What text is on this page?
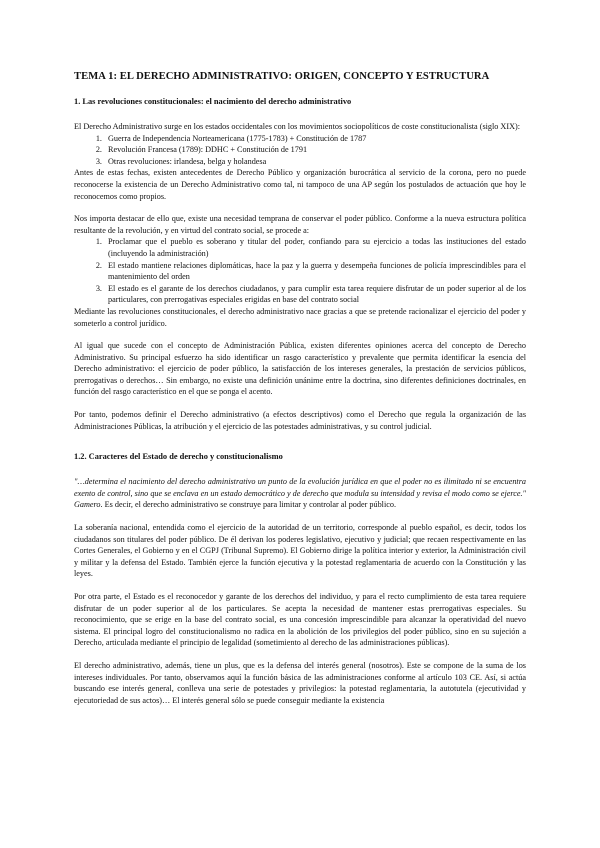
TEMA 1: EL DERECHO ADMINISTRATIVO: ORIGEN, CONCEPTO Y ESTRUCTURA
1. Las revoluciones constitucionales: el nacimiento del derecho administrativo

El Derecho Administrativo surge en los estados occidentales con los movimientos sociopolíticos de coste constitucionalista (siglo XIX):

1. Guerra de Independencia Norteamericana (1775-1783) + Constitución de 1787
2. Revolución Francesa (1789): DDHC + Constitución de 1791
3. Otras revoluciones: irlandesa, belga y holandesa

Antes de estas fechas, existen antecedentes de Derecho Público y organización burocrática al servicio de la corona, pero no puede reconocerse la existencia de un Derecho Administrativo como tal, ni tampoco de una AP según los postulados de actuación que hoy le reconocemos como propios.

Nos importa destacar de ello que, existe una necesidad temprana de conservar el poder público. Conforme a la nueva estructura política resultante de la revolución, y en virtud del contrato social, se procede a:

1. Proclamar que el pueblo es soberano y titular del poder, confiando para su ejercicio a todas las instituciones del estado (incluyendo la administración)
2. El estado mantiene relaciones diplomáticas, hace la paz y la guerra y desempeña funciones de policía imprescindibles para el mantenimiento del orden
3. El estado es el garante de los derechos ciudadanos, y para cumplir esta tarea requiere disfrutar de un poder superior al de los particulares, con prerrogativas especiales erigidas en base del contrato social

Mediante las revoluciones constitucionales, el derecho administrativo nace gracias a que se pretende racionalizar el ejercicio del poder y someterlo a control jurídico.

Al igual que sucede con el concepto de Administración Pública, existen diferentes opiniones acerca del concepto de Derecho Administrativo. Su principal esfuerzo ha sido identificar un rasgo característico y prevalente que permita identificar la esencia del Derecho administrativo: el ejercicio de poder público, la satisfacción de los intereses generales, la prestación de servicios públicos, prerrogativas o derechos… Sin embargo, no existe una definición unánime entre la doctrina, sino diferentes definiciones doctrinales, en función del rasgo característico en el que se ponga el acento.

Por tanto, podemos definir el Derecho administrativo (a efectos descriptivos) como el Derecho que regula la organización de las Administraciones Públicas, la atribución y el ejercicio de las potestades administrativas, y su control judicial.

1.2. Caracteres del Estado de derecho y constitucionalismo

"…determina el nacimiento del derecho administrativo un punto de la evolución jurídica en que el poder no es ilimitado ni se encuentra exento de control, sino que se enclava en un estado democrático y de derecho que modula su intensidad y revisa el modo como se ejerce." Gamero. Es decir, el derecho administrativo se construye para limitar y controlar al poder público.

La soberanía nacional, entendida como el ejercicio de la autoridad de un territorio, corresponde al pueblo español, es decir, todos los ciudadanos son titulares del poder público. De él derivan los poderes legislativo, ejecutivo y judicial; que recaen respectivamente en las Cortes Generales, el Gobierno y en el CGPJ (Tribunal Supremo). El Gobierno dirige la política interior y exterior, la Administración civil y militar y la defensa del Estado. También ejerce la función ejecutiva y la potestad reglamentaria de acuerdo con la Constitución y las leyes.

Por otra parte, el Estado es el reconocedor y garante de los derechos del individuo, y para el recto cumplimiento de esta tarea requiere disfrutar de un poder superior al de los particulares. Se acepta la necesidad de mantener estas prerrogativas especiales. Su reconocimiento, que se erige en la base del contrato social, es una concesión imprescindible para alcanzar la operatividad del nuevo sistema. El principal logro del constitucionalismo no radica en la abolición de los privilegios del poder público, sino en su sujeción a Derecho, articulada mediante el principio de legalidad (sometimiento al derecho de las administraciones públicas).

El derecho administrativo, además, tiene un plus, que es la defensa del interés general (nosotros). Este se compone de la suma de los intereses individuales. Por tanto, observamos aquí la función básica de las administraciones conforme al artículo 103 CE. Así, si actúa buscando ese interés general, conlleva una serie de potestades y privilegios: la potestad reglamentaria, la autotutela (ejecutividad y ejecutoriedad de sus actos)… El interés general sólo se puede conseguir mediante la existencia
